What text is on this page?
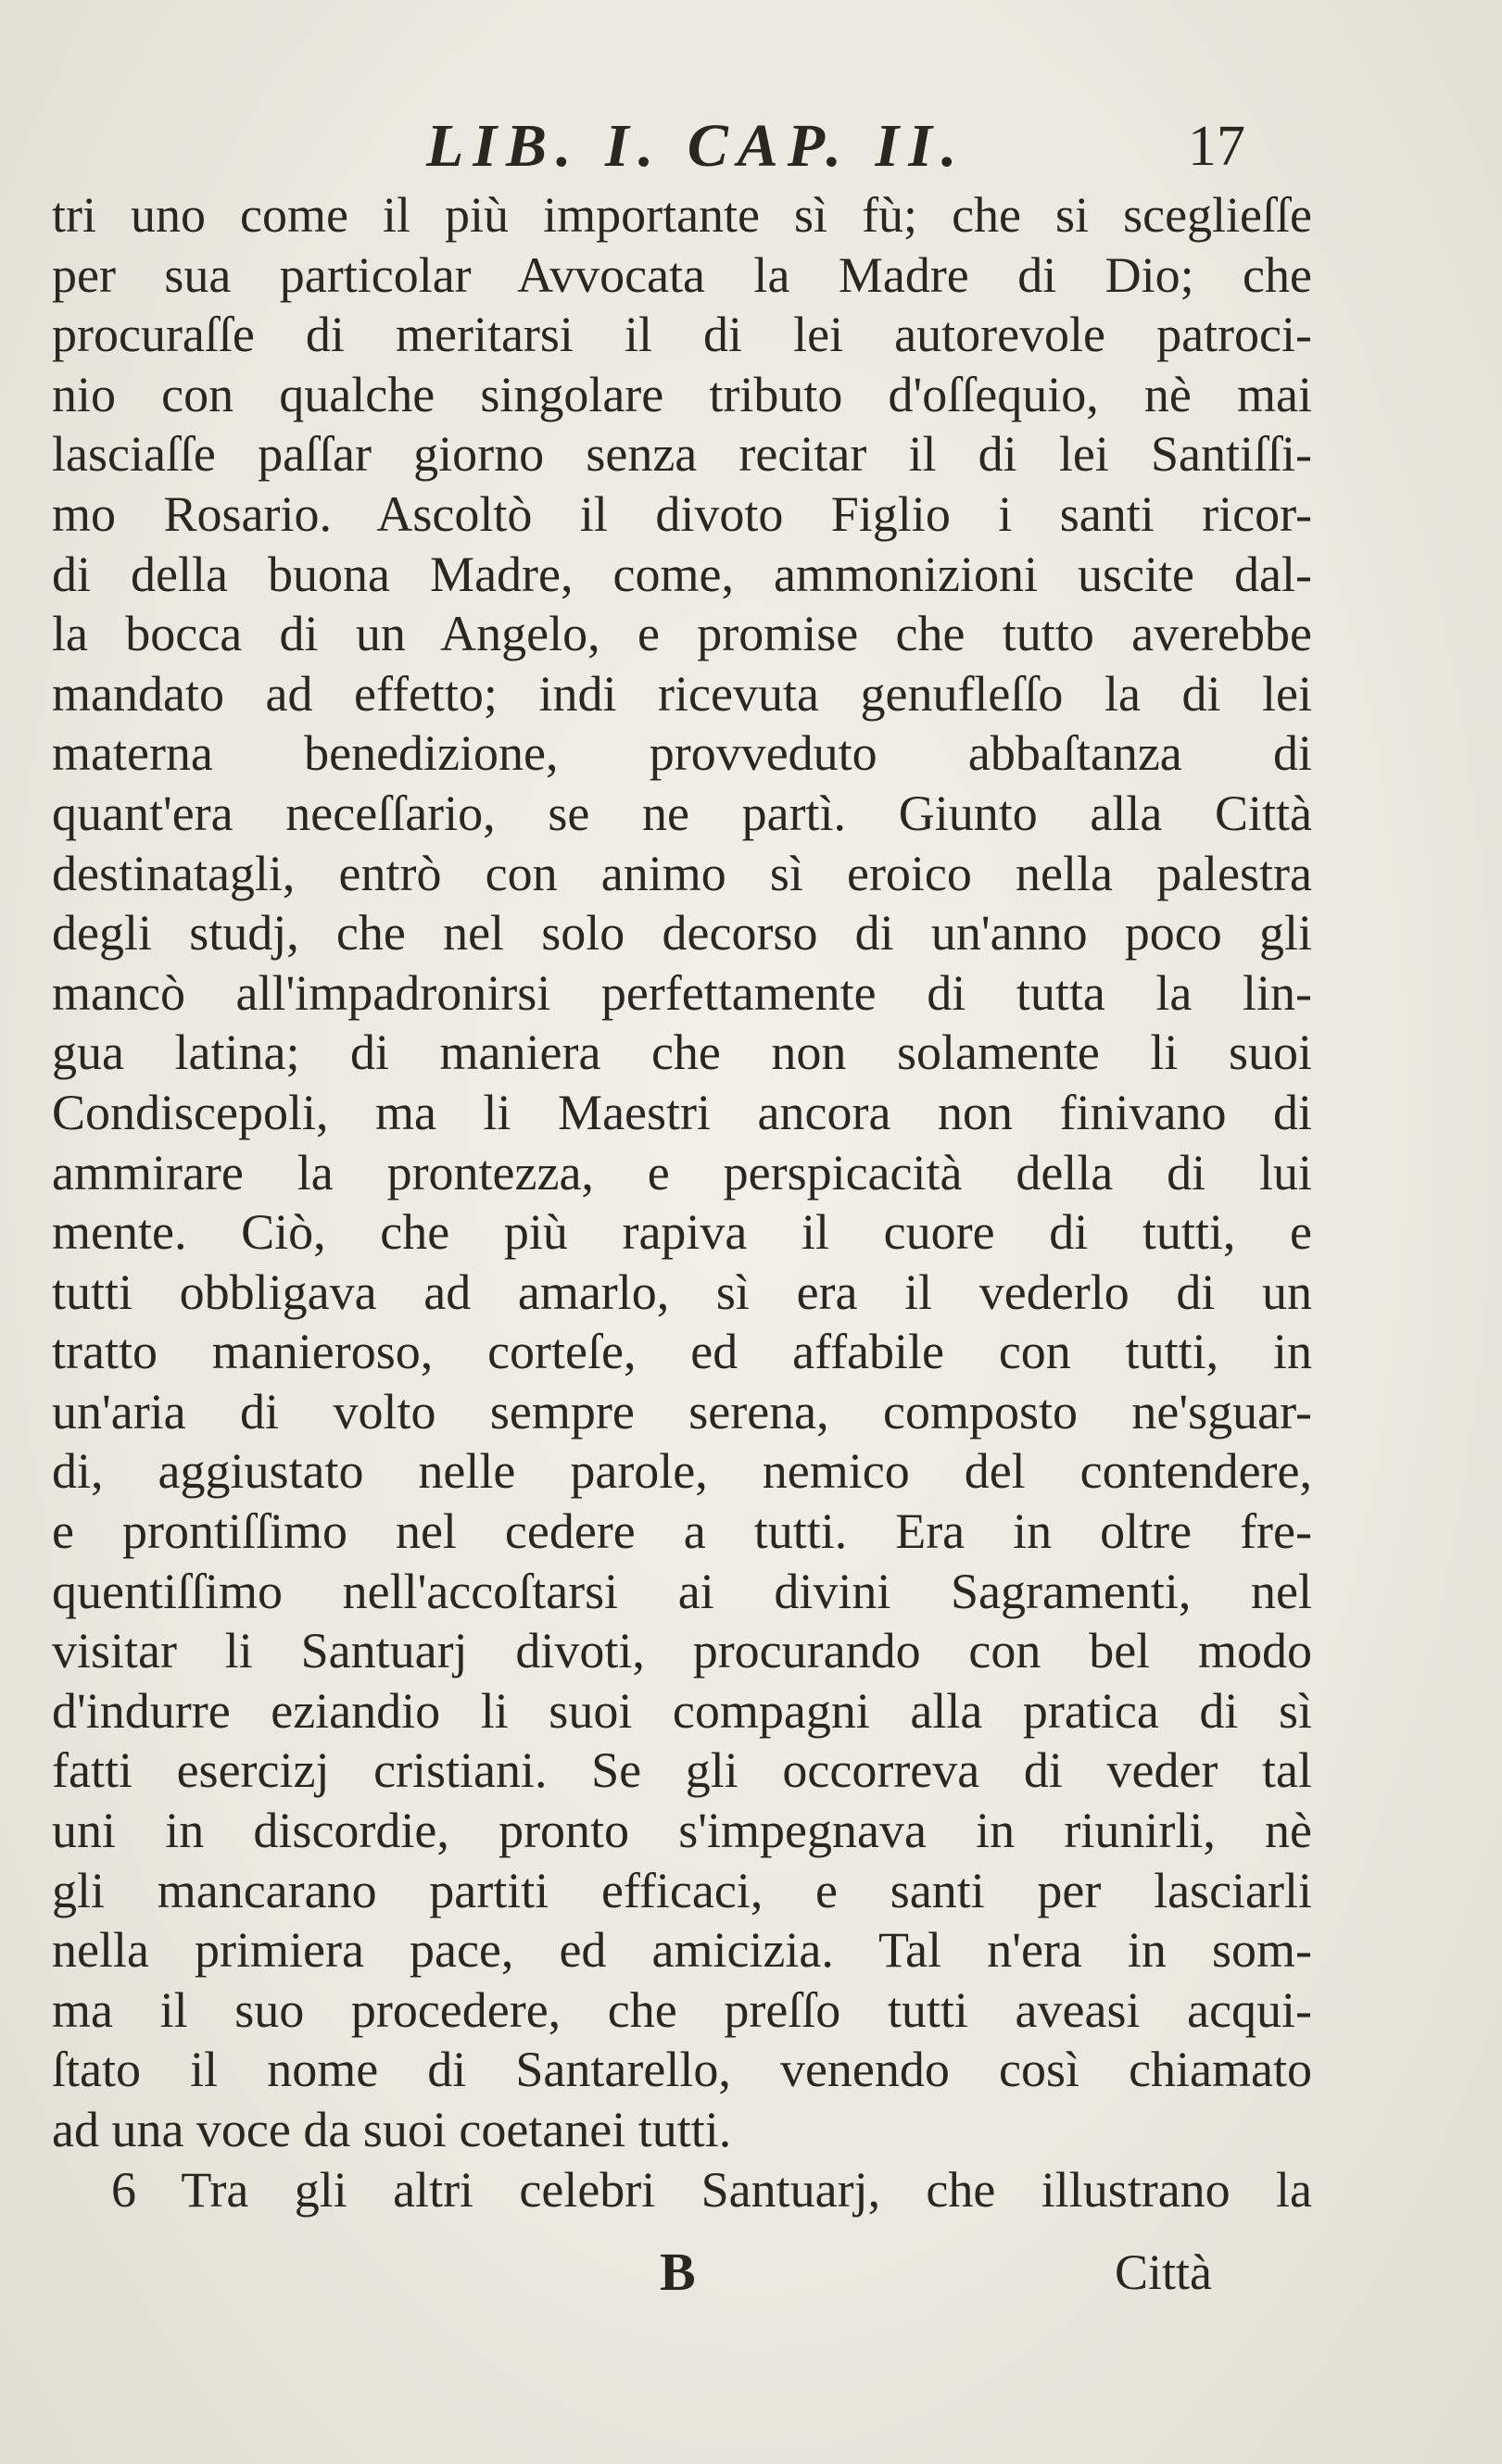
LIB. I. CAP. II.	17
tri uno come il più importante sì fù; che si sceglieſſe
per sua particolar Avvocata la Madre di Dio; che
procuraſſe di meritarsi il di lei autorevole patroci-
nio con qualche singolare tributo d'oſſequio, nè mai
lasciaſſe paſſar giorno senza recitar il di lei Santiſſi-
mo Rosario. Ascoltò il divoto Figlio i santi ricor-
di della buona Madre, come, ammonizioni uscite dal-
la bocca di un Angelo, e promise che tutto averebbe
mandato ad effetto; indi ricevuta genufleſſo la di lei
materna benedizione, provveduto abbaſtanza di
quant'era neceſſario, se ne partì. Giunto alla Città
destinatagli, entrò con animo sì eroico nella palestra
degli studj, che nel solo decorso di un'anno poco gli
mancò all'impadronirsi perfettamente di tutta la lin-
gua latina; di maniera che non solamente li suoi
Condiscepoli, ma li Maestri ancora non finivano di
ammirare la prontezza, e perspicacità della di lui
mente. Ciò, che più rapiva il cuore di tutti, e
tutti obbligava ad amarlo, sì era il vederlo di un
tratto manieroso, corteſe, ed affabile con tutti, in
un'aria di volto sempre serena, composto ne'sguar-
di, aggiustato nelle parole, nemico del contendere,
e prontiſſimo nel cedere a tutti. Era in oltre fre-
quentiſſimo nell'accoſtarsi ai divini Sagramenti, nel
visitar li Santuarj divoti, procurando con bel modo
d'indurre eziandio li suoi compagni alla pratica di sì
fatti esercizj cristiani. Se gli occorreva di veder tal
uni in discordie, pronto s'impegnava in riunirli, nè
gli mancarano partiti efficaci, e santi per lasciarli
nella primiera pace, ed amicizia. Tal n'era in som-
ma il suo procedere, che preſſo tutti aveasi acqui-
ſtato il nome di Santarello, venendo così chiamato
ad una voce da suoi coetanei tutti.
6 Tra gli altri celebri Santuarj, che illustrano la
B	Città
